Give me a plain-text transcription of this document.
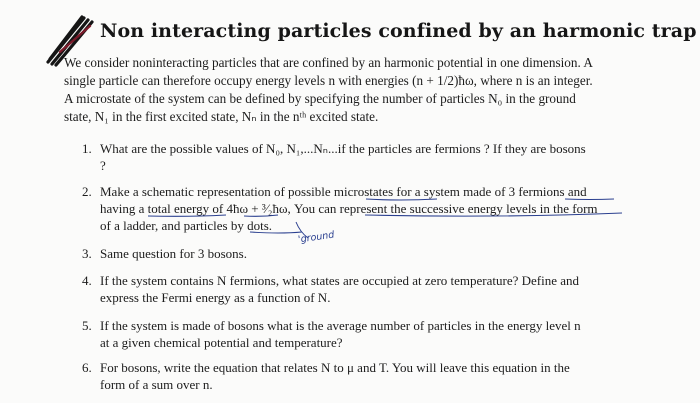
Non interacting particles confined by an harmonic trap
We consider noninteracting particles that are confined by an harmonic potential in one dimension. A
single particle can therefore occupy energy levels n with energies (n + 1/2)ħω, where n is an integer.
A microstate of the system can be defined by specifying the number of particles N₀ in the ground
state, N₁ in the first excited state, Nₙ in the nᵗʰ excited state.
1. What are the possible values of N₀, N₁,...Nₙ...if the particles are fermions ? If they are bosons
?
2. Make a schematic representation of possible microstates for a system made of 3 fermions and
having a total energy of 4ħω + ³⁄₂ħω, You can represent the successive energy levels in the form
of a ladder, and particles by dots.
3. Same question for 3 bosons.
4. If the system contains N fermions, what states are occupied at zero temperature? Define and
express the Fermi energy as a function of N.
5. If the system is made of bosons what is the average number of particles in the energy level n
at a given chemical potential and temperature?
6. For bosons, write the equation that relates N to μ and T. You will leave this equation in the
form of a sum over n.
'ground
